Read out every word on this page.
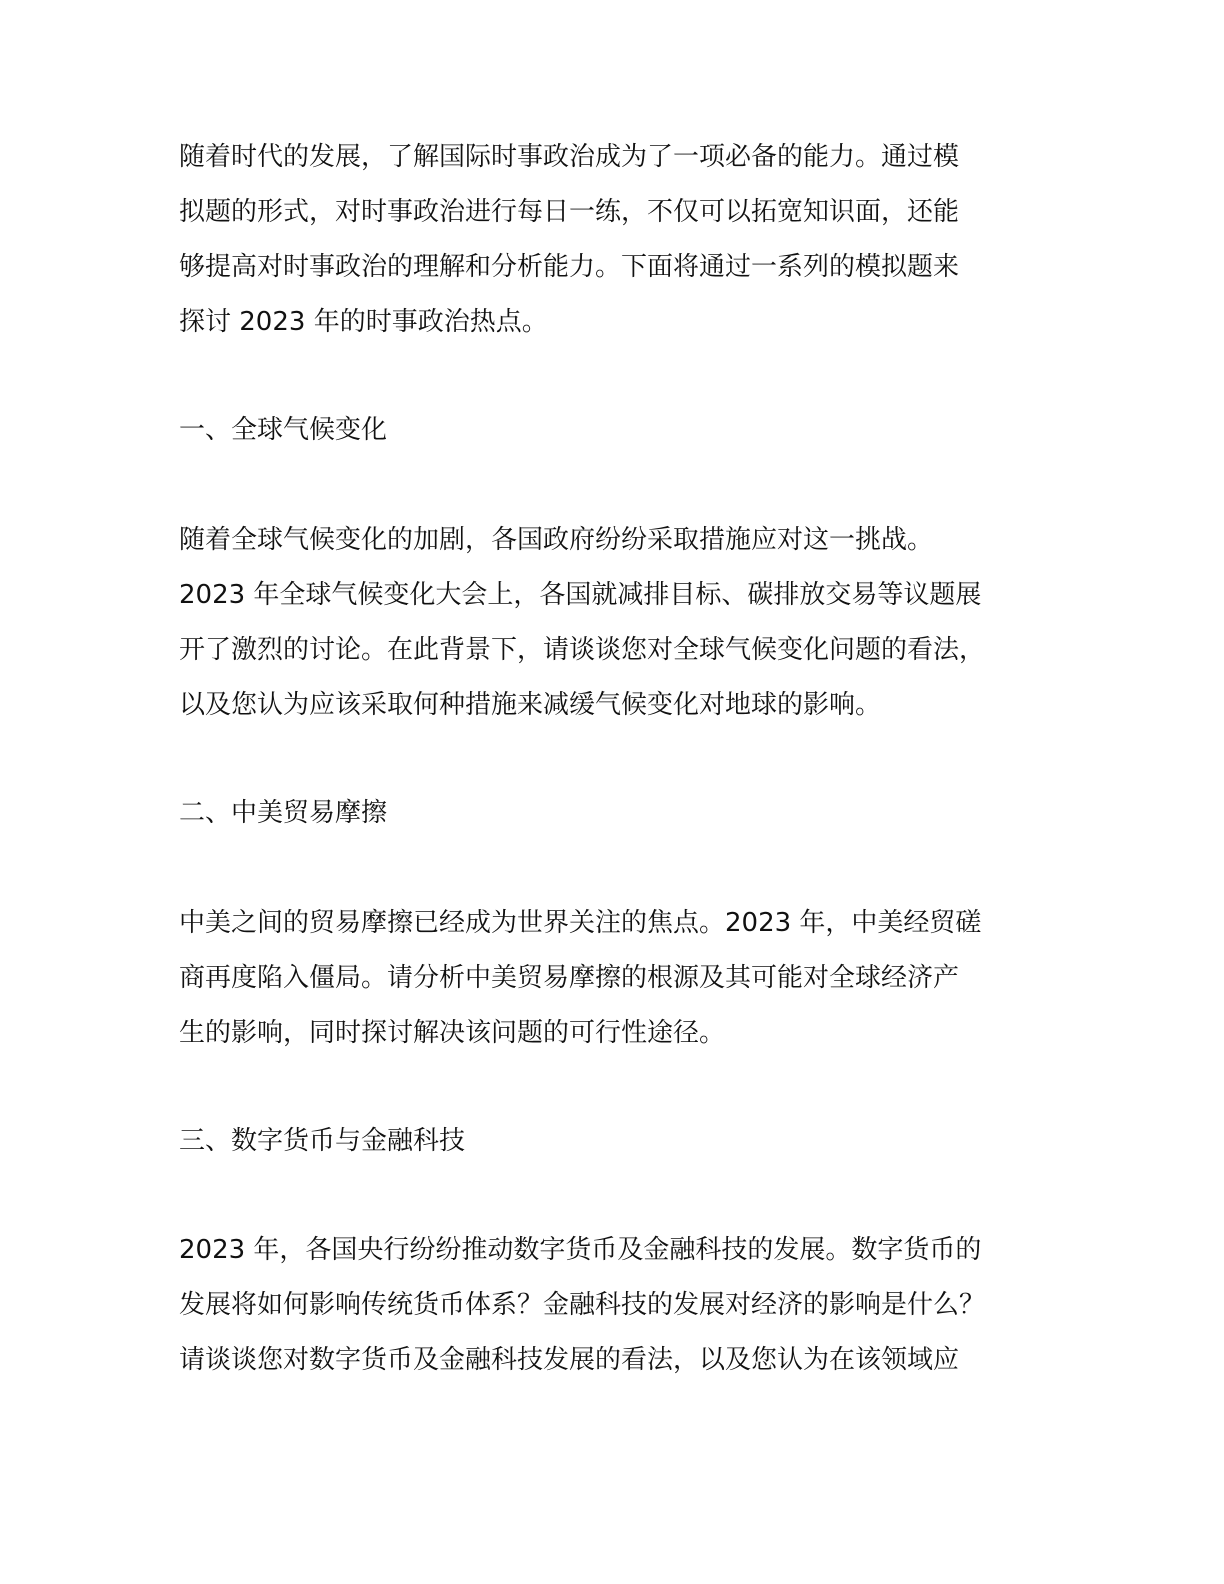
随着时代的发展，了解国际时事政治成为了一项必备的能力。通过模
拟题的形式，对时事政治进行每日一练，不仅可以拓宽知识面，还能
够提高对时事政治的理解和分析能力。下面将通过一系列的模拟题来
探讨 2023 年的时事政治热点。
一、全球气候变化
随着全球气候变化的加剧，各国政府纷纷采取措施应对这一挑战。
2023 年全球气候变化大会上，各国就减排目标、碳排放交易等议题展
开了激烈的讨论。在此背景下，请谈谈您对全球气候变化问题的看法，
以及您认为应该采取何种措施来减缓气候变化对地球的影响。
二、中美贸易摩擦
中美之间的贸易摩擦已经成为世界关注的焦点。2023 年，中美经贸磋
商再度陷入僵局。请分析中美贸易摩擦的根源及其可能对全球经济产
生的影响，同时探讨解决该问题的可行性途径。
三、数字货币与金融科技
2023 年，各国央行纷纷推动数字货币及金融科技的发展。数字货币的
发展将如何影响传统货币体系？金融科技的发展对经济的影响是什么？
请谈谈您对数字货币及金融科技发展的看法，以及您认为在该领域应
